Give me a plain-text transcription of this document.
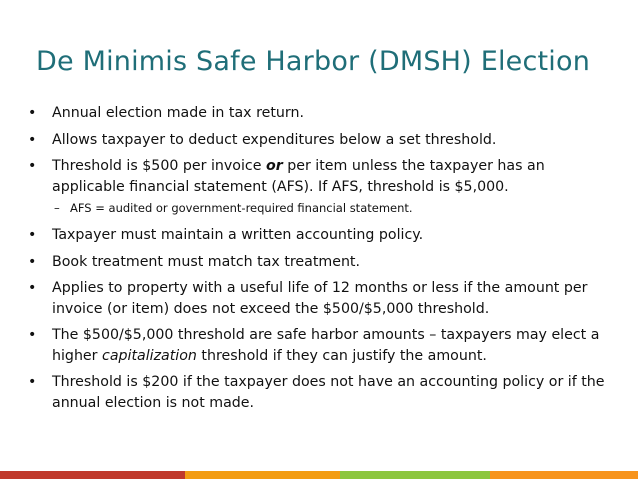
De Minimis Safe Harbor (DMSH) Election
•	Annual election made in tax return.
•	Allows taxpayer to deduct expenditures below a set threshold.
•	Threshold is $500 per invoice or per item unless the taxpayer has an applicable financial statement (AFS). If AFS, threshold is $5,000.
– AFS = audited or government-required financial statement.
•	Taxpayer must maintain a written accounting policy.
•	Book treatment must match tax treatment.
•	Applies to property with a useful life of 12 months or less if the amount per invoice (or item) does not exceed the $500/$5,000 threshold.
•	The $500/$5,000 threshold are safe harbor amounts – taxpayers may elect a higher capitalization threshold if they can justify the amount.
•	Threshold is $200 if the taxpayer does not have an accounting policy or if the annual election is not made.
